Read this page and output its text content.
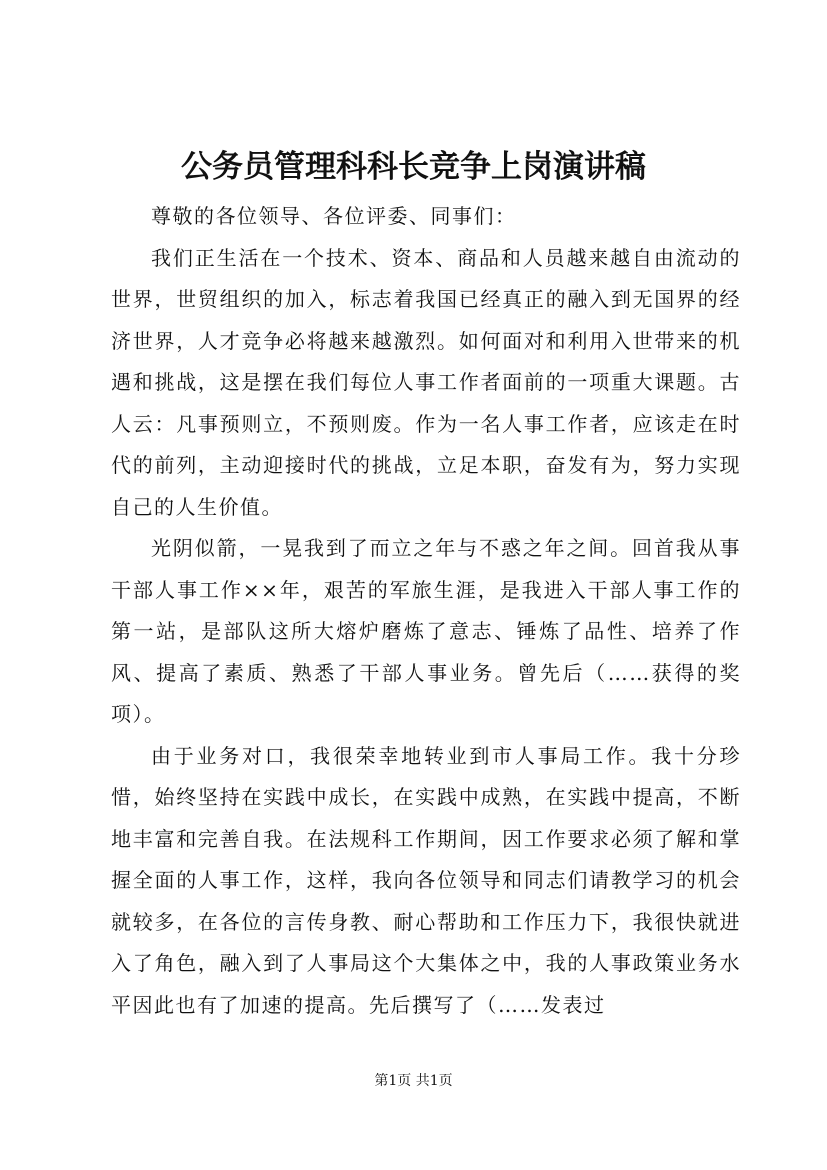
公务员管理科科长竞争上岗演讲稿

尊敬的各位领导、各位评委、同事们：

我们正生活在一个技术、资本、商品和人员越来越自由流动的世界，世贸组织的加入，标志着我国已经真正的融入到无国界的经济世界，人才竞争必将越来越激烈。如何面对和利用入世带来的机遇和挑战，这是摆在我们每位人事工作者面前的一项重大课题。古人云：凡事预则立，不预则废。作为一名人事工作者，应该走在时代的前列，主动迎接时代的挑战，立足本职，奋发有为，努力实现自己的人生价值。

光阴似箭，一晃我到了而立之年与不惑之年之间。回首我从事干部人事工作××年，艰苦的军旅生涯，是我进入干部人事工作的第一站，是部队这所大熔炉磨炼了意志、锤炼了品性、培养了作风、提高了素质、熟悉了干部人事业务。曾先后（……获得的奖项）。

由于业务对口，我很荣幸地转业到市人事局工作。我十分珍惜，始终坚持在实践中成长，在实践中成熟，在实践中提高，不断地丰富和完善自我。在法规科工作期间，因工作要求必须了解和掌握全面的人事工作，这样，我向各位领导和同志们请教学习的机会就较多，在各位的言传身教、耐心帮助和工作压力下，我很快就进入了角色，融入到了人事局这个大集体之中，我的人事政策业务水平因此也有了加速的提高。先后撰写了（……发表过

第1页 共1页
